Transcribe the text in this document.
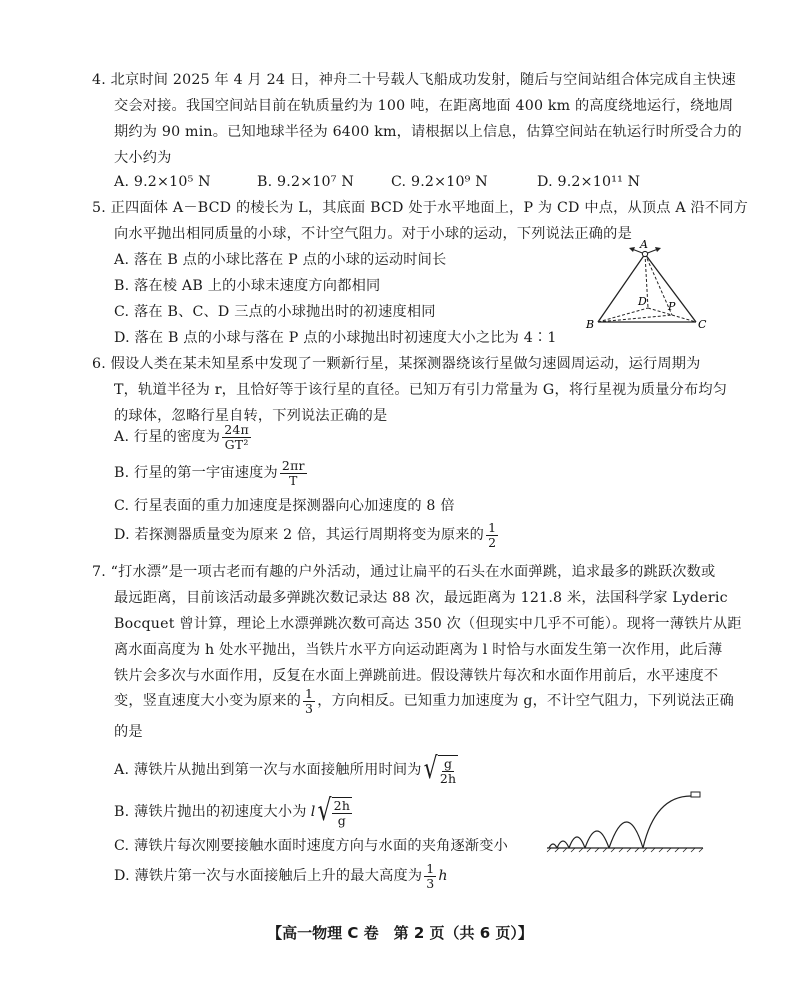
4. 北京时间 2025 年 4 月 24 日，神舟二十号载人飞船成功发射，随后与空间站组合体完成自主快速
交会对接。我国空间站目前在轨质量约为 100 吨，在距离地面 400 km 的高度绕地运行，绕地周
期约为 90 min。已知地球半径为 6400 km，请根据以上信息，估算空间站在轨运行时所受合力的
大小约为
A. 9.2×10⁵ N	B. 9.2×10⁷ N	C. 9.2×10⁹ N	D. 9.2×10¹¹ N
5. 正四面体 A－BCD 的棱长为 L，其底面 BCD 处于水平地面上，P 为 CD 中点，从顶点 A 沿不同方
向水平抛出相同质量的小球，不计空气阻力。对于小球的运动，下列说法正确的是
A. 落在 B 点的小球比落在 P 点的小球的运动时间长
B. 落在棱 AB 上的小球末速度方向都相同
C. 落在 B、C、D 三点的小球抛出时的初速度相同
D. 落在 B 点的小球与落在 P 点的小球抛出时初速度大小之比为 4∶1
A
B	C
D P
6. 假设人类在某未知星系中发现了一颗新行星，某探测器绕该行星做匀速圆周运动，运行周期为
T，轨道半径为 r，且恰好等于该行星的直径。已知万有引力常量为 G，将行星视为质量分布均匀
的球体，忽略行星自转，下列说法正确的是
A. 行星的密度为 $\frac{24\pi}{\text{GT²}}$
B. 行星的第一宇宙速度为 $\frac{2\pi r}{T}$
C. 行星表面的重力加速度是探测器向心加速度的 8 倍
D. 若探测器质量变为原来 2 倍，其运行周期将变为原来的 $\frac{1}{2}$
7. “打水漂”是一项古老而有趣的户外活动，通过让扁平的石头在水面弹跳，追求最多的跳跃次数或
最远距离，目前该活动最多弹跳次数记录达 88 次，最远距离为 121.8 米，法国科学家 Lyderic
Bocquet 曾计算，理论上水漂弹跳次数可高达 350 次（但现实中几乎不可能）。现将一薄铁片从距
离水面高度为 h 处水平抛出，当铁片水平方向运动距离为 l 时恰与水面发生第一次作用，此后薄
铁片会多次与水面作用，反复在水面上弹跳前进。假设薄铁片每次和水面作用前后，水平速度不
变，竖直速度大小变为原来的 $\frac{1}{3}$ ，方向相反。已知重力加速度为 g，不计空气阻力，下列说法正确
的是
A. 薄铁片从抛出到第一次与水面接触所用时间为 √ $\frac{g}{2h}$
B. 薄铁片抛出的初速度大小为 l √ $\frac{2h}{g}$
C. 薄铁片每次刚要接触水面时速度方向与水面的夹角逐渐变小
D. 薄铁片第一次与水面接触后上升的最大高度为 $\frac{1}{3}$ h
【高一物理 C 卷　第 2 页（共 6 页）】
